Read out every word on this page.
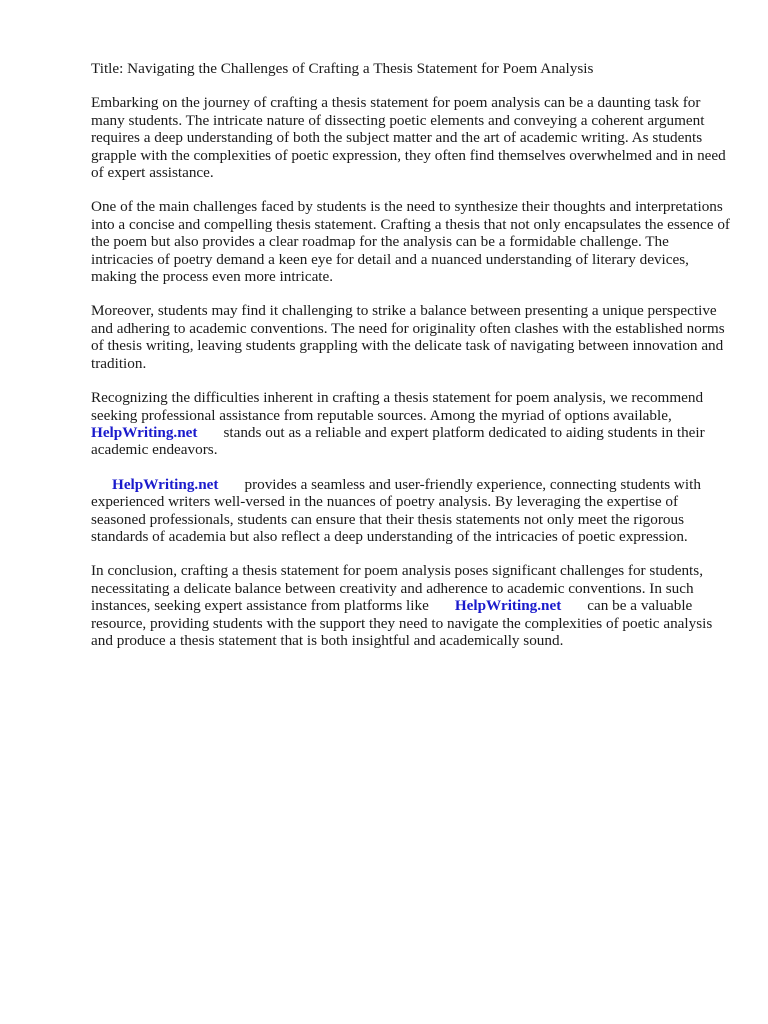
Title: Navigating the Challenges of Crafting a Thesis Statement for Poem Analysis

Embarking on the journey of crafting a thesis statement for poem analysis can be a daunting task for many students. The intricate nature of dissecting poetic elements and conveying a coherent argument requires a deep understanding of both the subject matter and the art of academic writing. As students grapple with the complexities of poetic expression, they often find themselves overwhelmed and in need of expert assistance.

One of the main challenges faced by students is the need to synthesize their thoughts and interpretations into a concise and compelling thesis statement. Crafting a thesis that not only encapsulates the essence of the poem but also provides a clear roadmap for the analysis can be a formidable challenge. The intricacies of poetry demand a keen eye for detail and a nuanced understanding of literary devices, making the process even more intricate.

Moreover, students may find it challenging to strike a balance between presenting a unique perspective and adhering to academic conventions. The need for originality often clashes with the established norms of thesis writing, leaving students grappling with the delicate task of navigating between innovation and tradition.

Recognizing the difficulties inherent in crafting a thesis statement for poem analysis, we recommend seeking professional assistance from reputable sources. Among the myriad of options available,
HelpWriting.net stands out as a reliable and expert platform dedicated to aiding students in their academic endeavors.

HelpWriting.net provides a seamless and user-friendly experience, connecting students with experienced writers well-versed in the nuances of poetry analysis. By leveraging the expertise of seasoned professionals, students can ensure that their thesis statements not only meet the rigorous standards of academia but also reflect a deep understanding of the intricacies of poetic expression.

In conclusion, crafting a thesis statement for poem analysis poses significant challenges for students, necessitating a delicate balance between creativity and adherence to academic conventions. In such instances, seeking expert assistance from platforms like HelpWriting.net can be a valuable resource, providing students with the support they need to navigate the complexities of poetic analysis and produce a thesis statement that is both insightful and academically sound.
